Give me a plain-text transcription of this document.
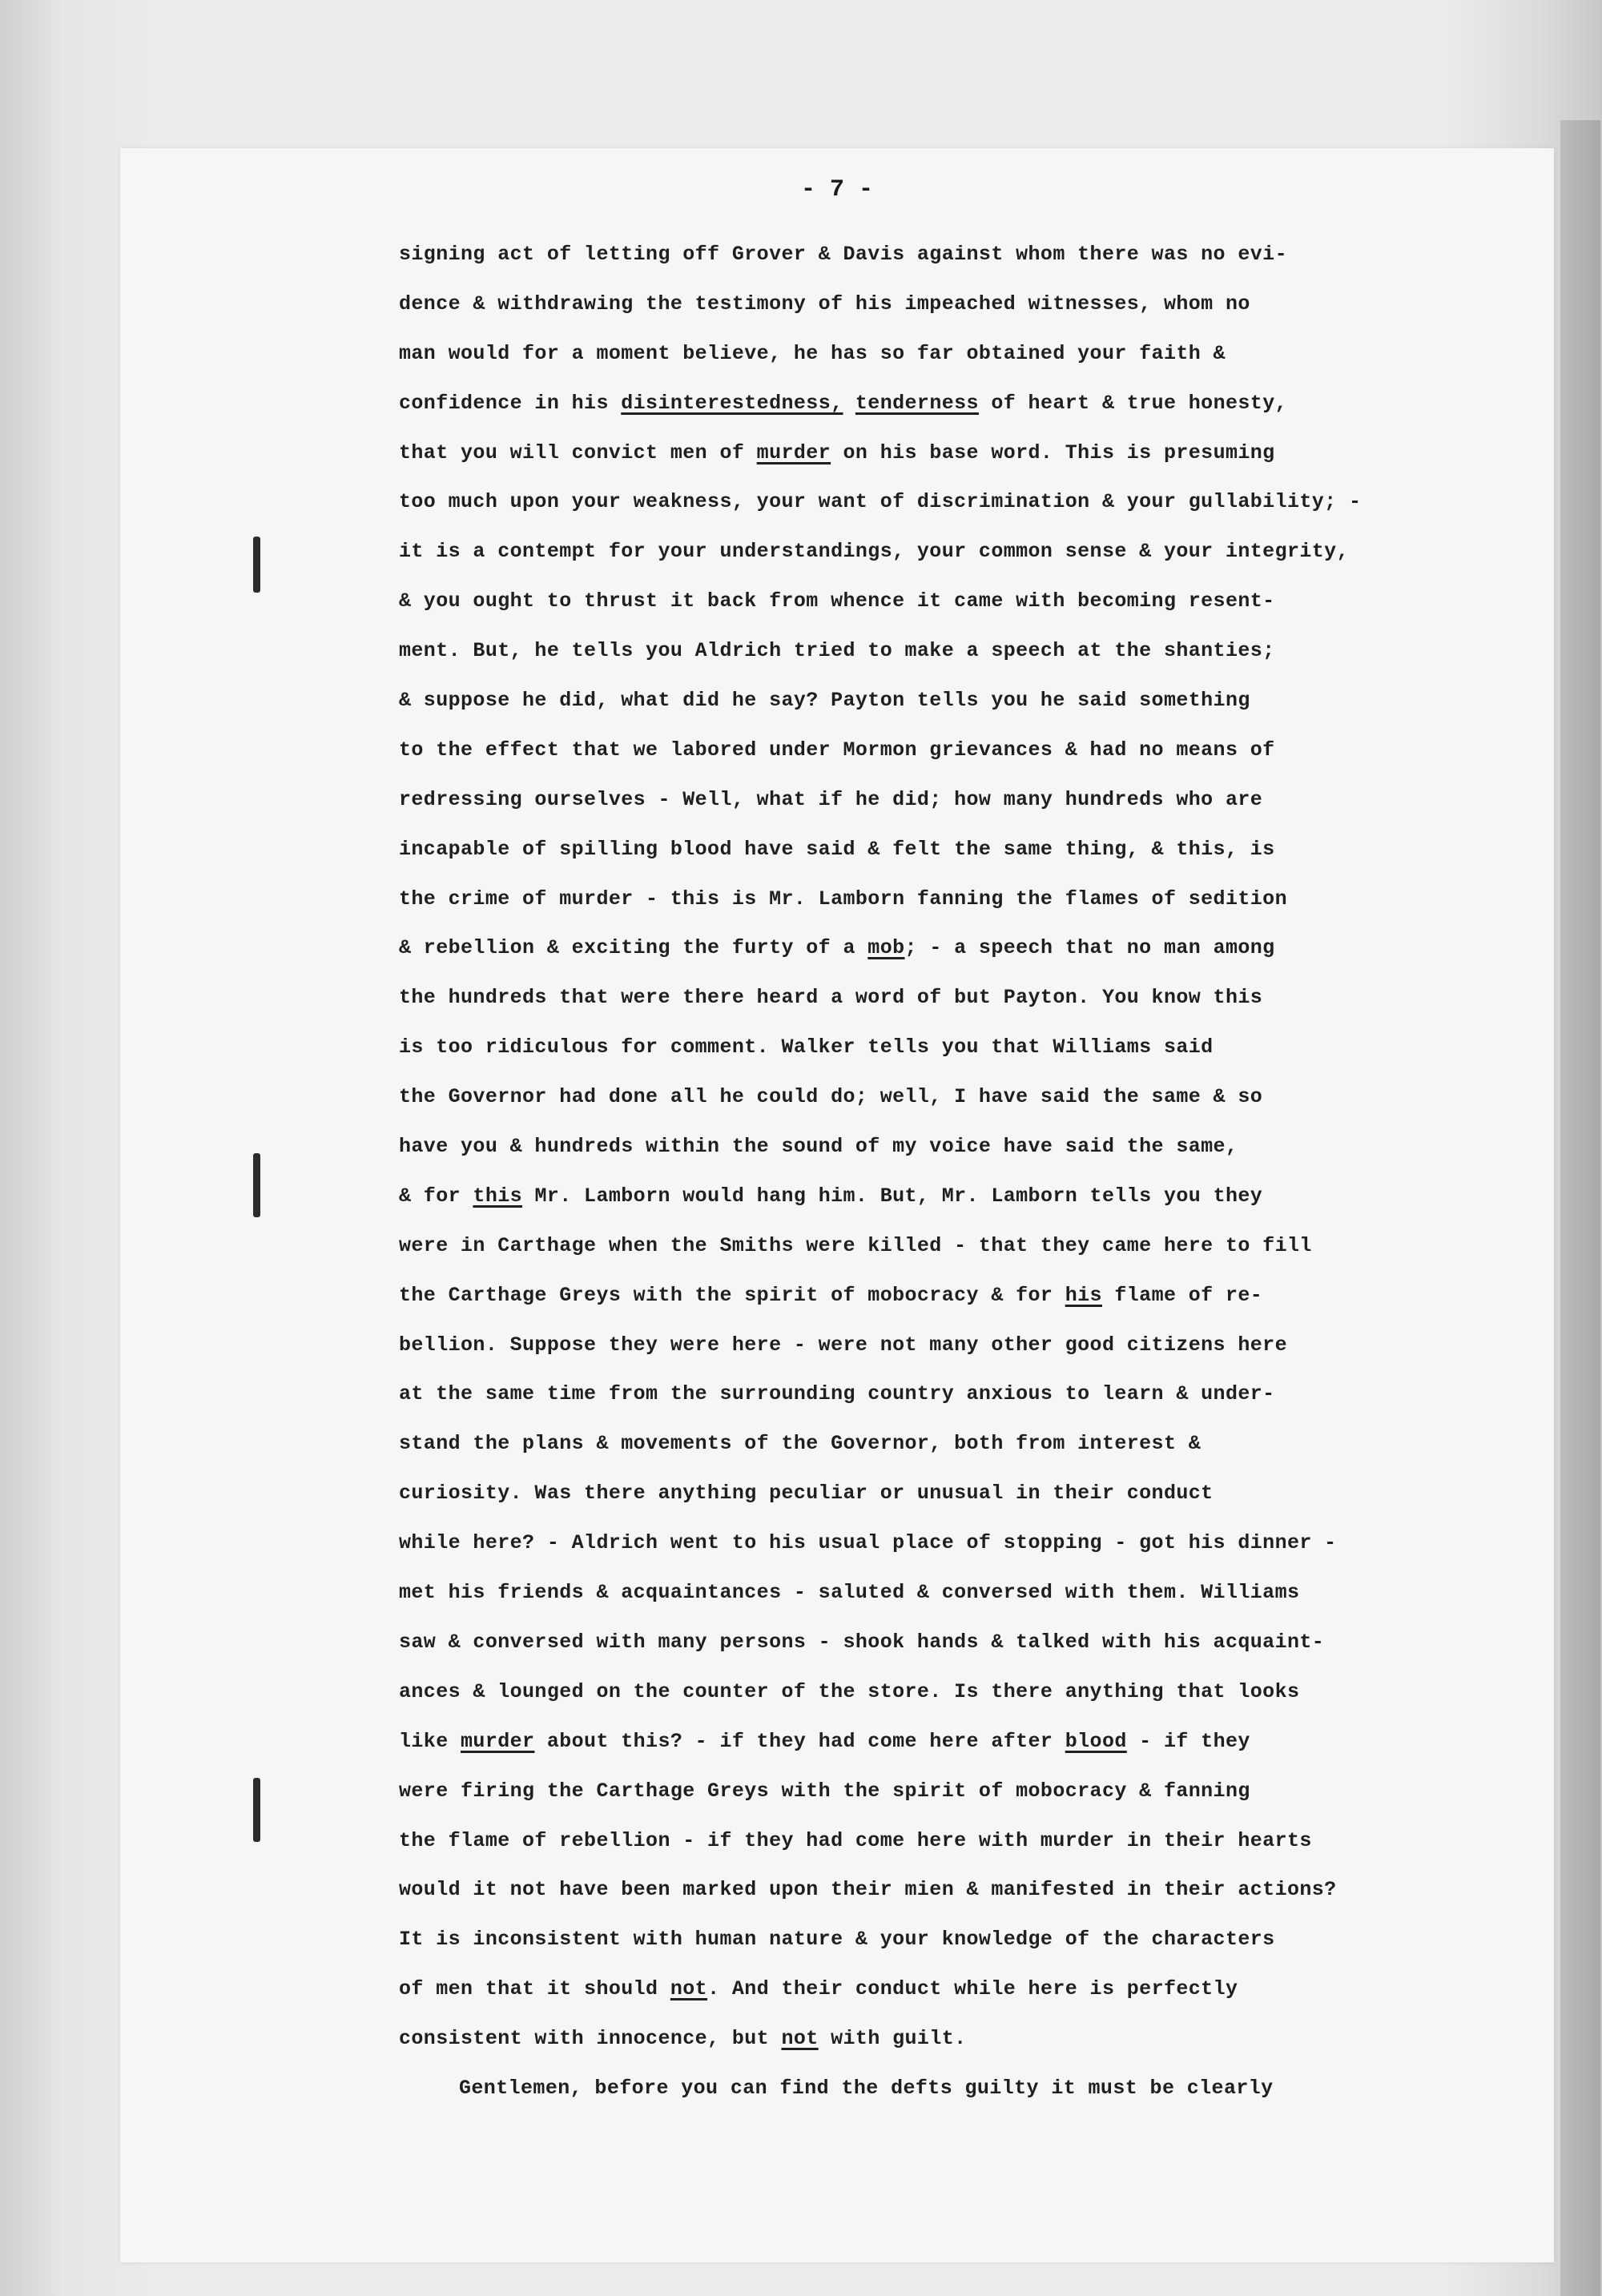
- 7 -
signing act of letting off Grover & Davis against whom there was no evi-
dence & withdrawing the testimony of his impeached witnesses, whom no
man would for a moment believe, he has so far obtained your faith &
confidence in his disinterestedness, tenderness of heart & true honesty,
that you will convict men of murder on his base word. This is presuming
too much upon your weakness, your want of discrimination & your gullability; -
it is a contempt for your understandings, your common sense & your integrity,
& you ought to thrust it back from whence it came with becoming resent-
ment. But, he tells you Aldrich tried to make a speech at the shanties;
& suppose he did, what did he say? Payton tells you he said something
to the effect that we labored under Mormon grievances & had no means of
redressing ourselves - Well, what if he did; how many hundreds who are
incapable of spilling blood have said & felt the same thing, & this, is
the crime of murder - this is Mr. Lamborn fanning the flames of sedition
& rebellion & exciting the furty of a mob; - a speech that no man among
the hundreds that were there heard a word of but Payton. You know this
is too ridiculous for comment. Walker tells you that Williams said
the Governor had done all he could do; well, I have said the same & so
have you & hundreds within the sound of my voice have said the same,
& for this Mr. Lamborn would hang him. But, Mr. Lamborn tells you they
were in Carthage when the Smiths were killed - that they came here to fill
the Carthage Greys with the spirit of mobocracy & for his flame of re-
bellion. Suppose they were here - were not many other good citizens here
at the same time from the surrounding country anxious to learn & under-
stand the plans & movements of the Governor, both from interest &
curiosity. Was there anything peculiar or unusual in their conduct
while here? - Aldrich went to his usual place of stopping - got his dinner -
met his friends & acquaintances - saluted & conversed with them. Williams
saw & conversed with many persons - shook hands & talked with his acquaint-
ances & lounged on the counter of the store. Is there anything that looks
like murder about this? - if they had come here after blood - if they
were firing the Carthage Greys with the spirit of mobocracy & fanning
the flame of rebellion - if they had come here with murder in their hearts
would it not have been marked upon their mien & manifested in their actions?
It is inconsistent with human nature & your knowledge of the characters
of men that it should not. And their conduct while here is perfectly
consistent with innocence, but not with guilt.
Gentlemen, before you can find the defts guilty it must be clearly
